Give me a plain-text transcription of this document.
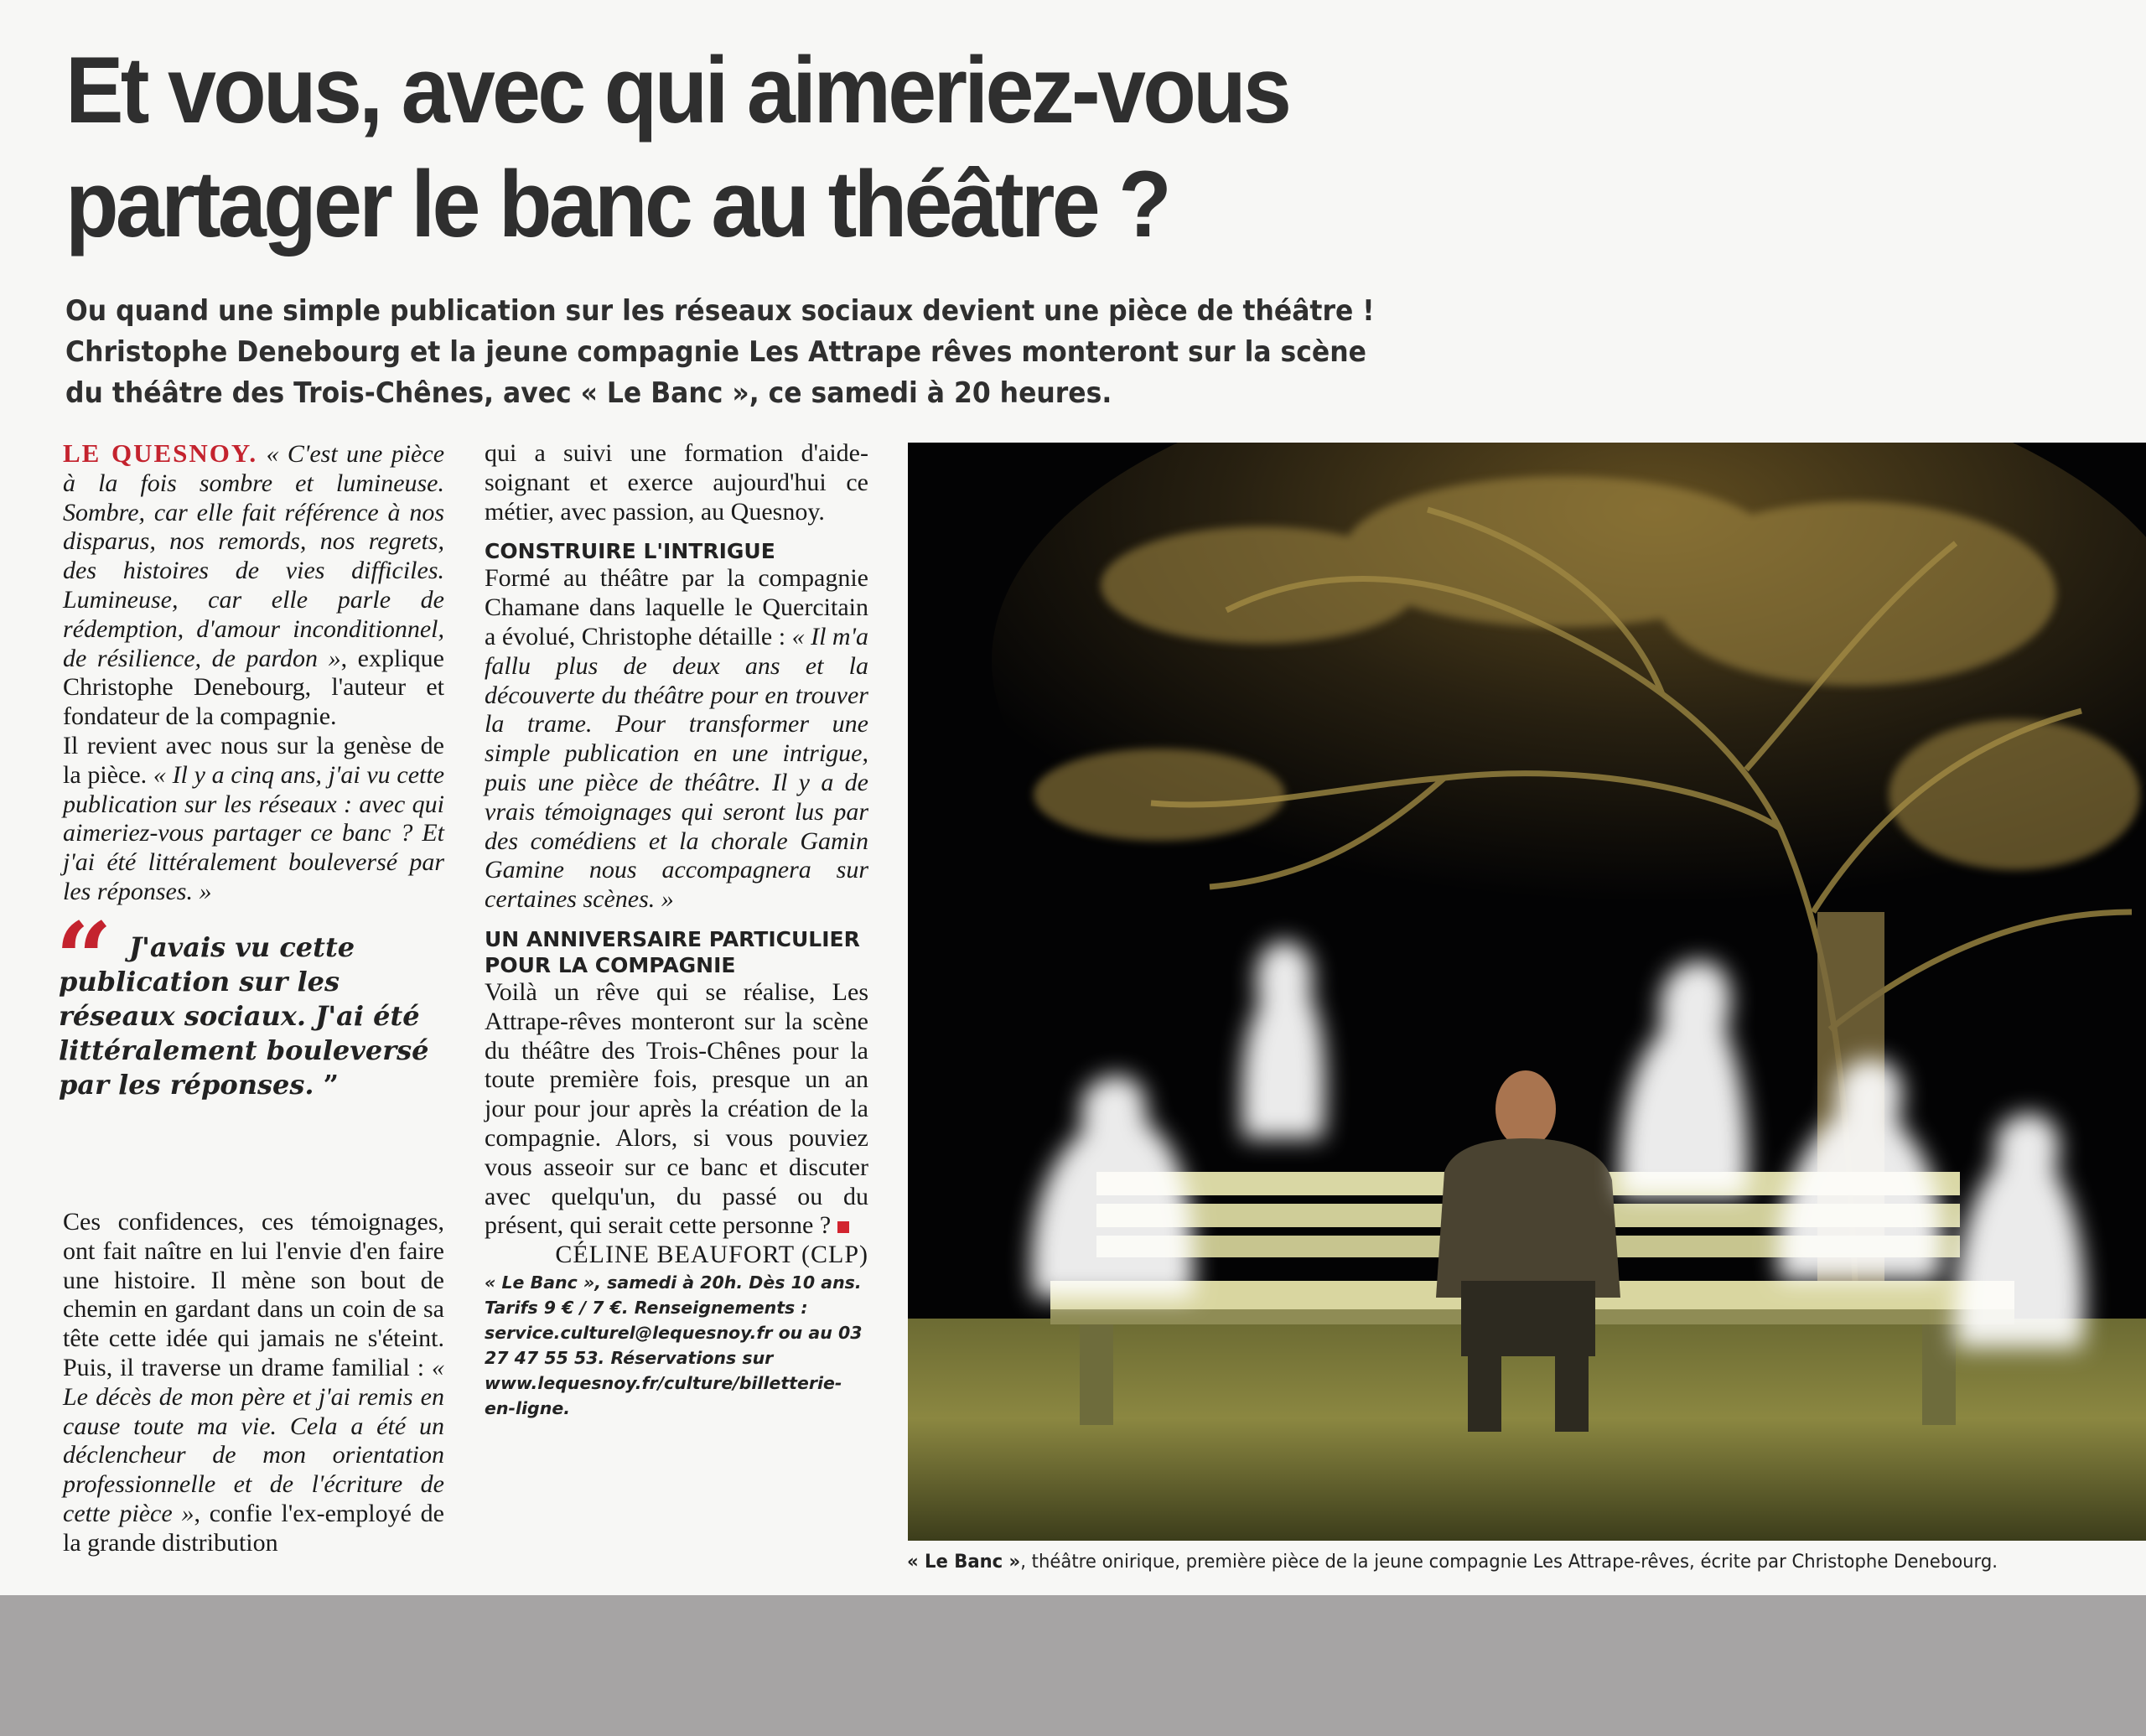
Et vous, avec qui aimeriez-vous
partager le banc au théâtre ?
Ou quand une simple publication sur les réseaux sociaux devient une pièce de théâtre ! Christophe Denebourg et la jeune compagnie Les Attrape rêves monteront sur la scène du théâtre des Trois-Chênes, avec « Le Banc », ce samedi à 20 heures.

LE QUESNOY. « C'est une pièce à la fois sombre et lumineuse. Sombre, car elle fait référence à nos disparus, nos remords, nos regrets, des histoires de vies difficiles. Lumineuse, car elle parle de rédemption, d'amour inconditionnel, de résilience, de pardon », explique Christophe Denebourg, l'auteur et fondateur de la compagnie.

Il revient avec nous sur la genèse de la pièce. « Il y a cinq ans, j'ai vu cette publication sur les réseaux : avec qui aimeriez-vous partager ce banc ? Et j'ai été littéralement bouleversé par les réponses. »

“ J'avais vu cette publication sur les réseaux sociaux. J'ai été littéralement bouleversé par les réponses. ”

Ces confidences, ces témoignages, ont fait naître en lui l'envie d'en faire une histoire. Il mène son bout de chemin en gardant dans un coin de sa tête cette idée qui jamais ne s'éteint. Puis, il traverse un drame familial : « Le décès de mon père et j'ai remis en cause toute ma vie. Cela a été un déclencheur de mon orientation professionnelle et de l'écriture de cette pièce », confie l'ex-employé de la grande distribution

qui a suivi une formation d'aide-soignant et exerce aujourd'hui ce métier, avec passion, au Quesnoy.

CONSTRUIRE L'INTRIGUE

Formé au théâtre par la compagnie Chamane dans laquelle le Quercitain a évolué, Christophe détaille : « Il m'a fallu plus de deux ans et la découverte du théâtre pour en trouver la trame. Pour transformer une simple publication en une intrigue, puis une pièce de théâtre. Il y a de vrais témoignages qui seront lus par des comédiens et la chorale Gamin Gamine nous accompagnera sur certaines scènes. »

UN ANNIVERSAIRE PARTICULIER POUR LA COMPAGNIE

Voilà un rêve qui se réalise, Les Attrape-rêves monteront sur la scène du théâtre des Trois-Chênes pour la toute première fois, presque un an jour pour jour après la création de la compagnie. Alors, si vous pouviez vous asseoir sur ce banc et discuter avec quelqu'un, du passé ou du présent, qui serait cette personne ?

CÉLINE BEAUFORT (CLP)

« Le Banc », samedi à 20h. Dès 10 ans. Tarifs 9 € / 7 €. Renseignements : service.culturel@lequesnoy.fr ou au 03 27 47 55 53. Réservations sur www.lequesnoy.fr/culture/billetterie-en-ligne.

« Le Banc », théâtre onirique, première pièce de la jeune compagnie Les Attrape-rêves, écrite par Christophe Denebourg.
